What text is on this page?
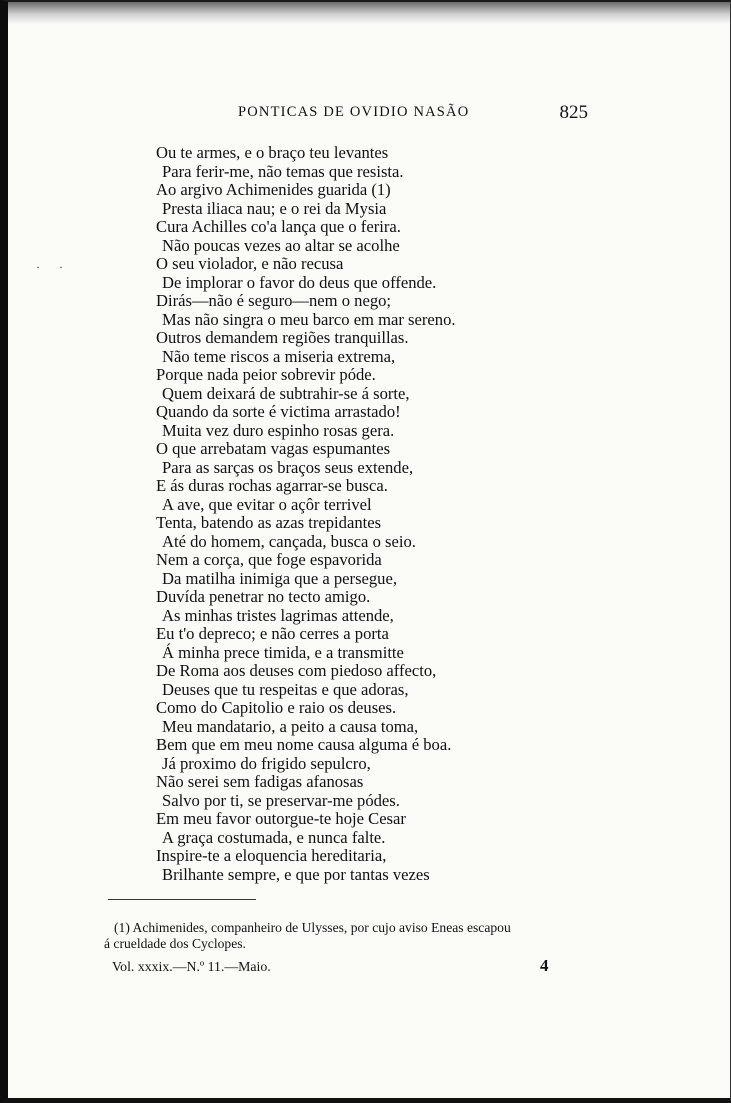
PONTICAS DE OVIDIO NASÃO	825
· ·
Ou te armes, e o braço teu levantes
Para ferir-me, não temas que resista.
Ao argivo Achimenides guarida (1)
Presta iliaca nau; e o rei da Mysia
Cura Achilles co'a lança que o ferira.
Não poucas vezes ao altar se acolhe
O seu violador, e não recusa
De implorar o favor do deus que offende.
Dirás—não é seguro—nem o nego;
Mas não singra o meu barco em mar sereno.
Outros demandem regiões tranquillas.
Não teme riscos a miseria extrema,
Porque nada peior sobrevir póde.
Quem deixará de subtrahir-se á sorte,
Quando da sorte é victima arrastado!
Muita vez duro espinho rosas gera.
O que arrebatam vagas espumantes
Para as sarças os braços seus extende,
E ás duras rochas agarrar-se busca.
A ave, que evitar o açôr terrivel
Tenta, batendo as azas trepidantes
Até do homem, cançada, busca o seio.
Nem a corça, que foge espavorida
Da matilha inimiga que a persegue,
Duvída penetrar no tecto amigo.
As minhas tristes lagrimas attende,
Eu t'o depreco; e não cerres a porta
Á minha prece timida, e a transmitte
De Roma aos deuses com piedoso affecto,
Deuses que tu respeitas e que adoras,
Como do Capitolio e raio os deuses.
Meu mandatario, a peito a causa toma,
Bem que em meu nome causa alguma é boa.
Já proximo do frigido sepulcro,
Não serei sem fadigas afanosas
Salvo por ti, se preservar-me pódes.
Em meu favor outorgue-te hoje Cesar
A graça costumada, e nunca falte.
Inspire-te a eloquencia hereditaria,
Brilhante sempre, e que por tantas vezes
(1) Achimenides, companheiro de Ulysses, por cujo aviso Eneas escapou
á crueldade dos Cyclopes.
Vol. xxxix.—N.º 11.—Maio.	4
